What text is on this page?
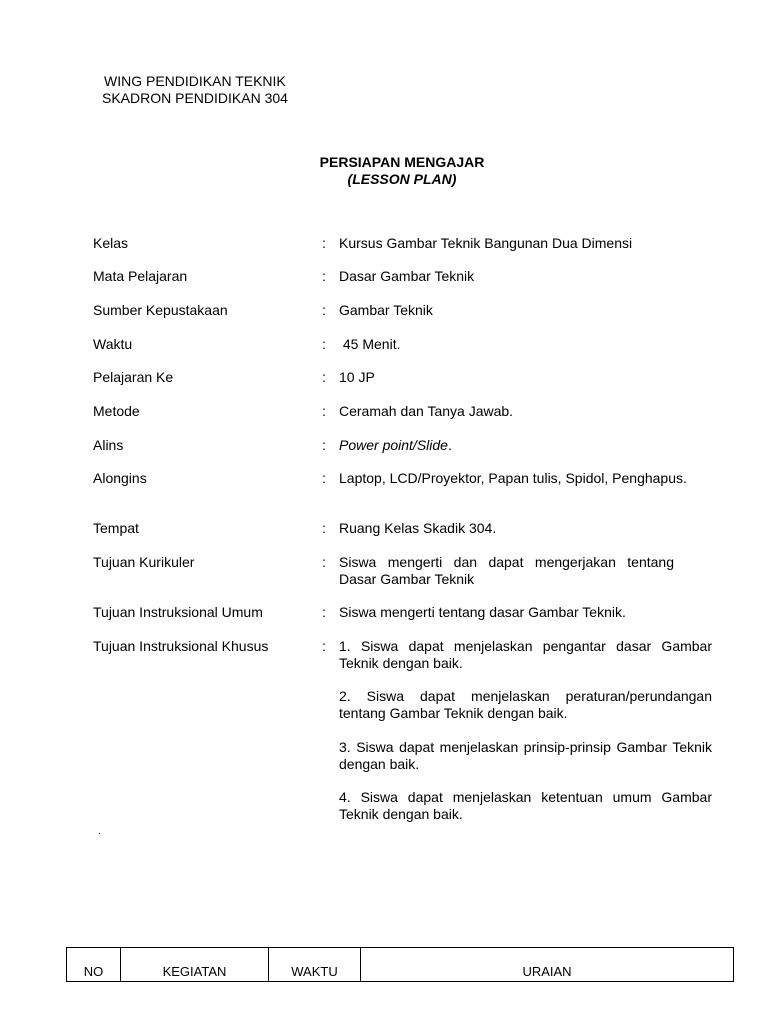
WING PENDIDIKAN TEKNIK
SKADRON PENDIDIKAN 304
PERSIAPAN MENGAJAR
(LESSON PLAN)
Kelas	: Kursus Gambar Teknik Bangunan Dua Dimensi
Mata Pelajaran	: Dasar Gambar Teknik
Sumber Kepustakaan	: Gambar Teknik
Waktu	: 45 Menit.
Pelajaran Ke	: 10 JP
Metode	: Ceramah dan Tanya Jawab.
Alins	: Power point/Slide.
Alongins	: Laptop, LCD/Proyektor, Papan tulis, Spidol, Penghapus.
Tempat	: Ruang Kelas Skadik 304.
Tujuan Kurikuler	: Siswa mengerti dan dapat mengerjakan tentang Dasar Gambar Teknik
Tujuan Instruksional Umum	: Siswa mengerti tentang dasar Gambar Teknik.
Tujuan Instruksional Khusus	: 1. Siswa dapat menjelaskan pengantar dasar Gambar Teknik dengan baik.
2. Siswa dapat menjelaskan peraturan/perundangan tentang Gambar Teknik dengan baik.
3. Siswa dapat menjelaskan prinsip-prinsip Gambar Teknik dengan baik.
4. Siswa dapat menjelaskan ketentuan umum Gambar Teknik dengan baik.
.
NO	KEGIATAN	WAKTU	URAIAN
